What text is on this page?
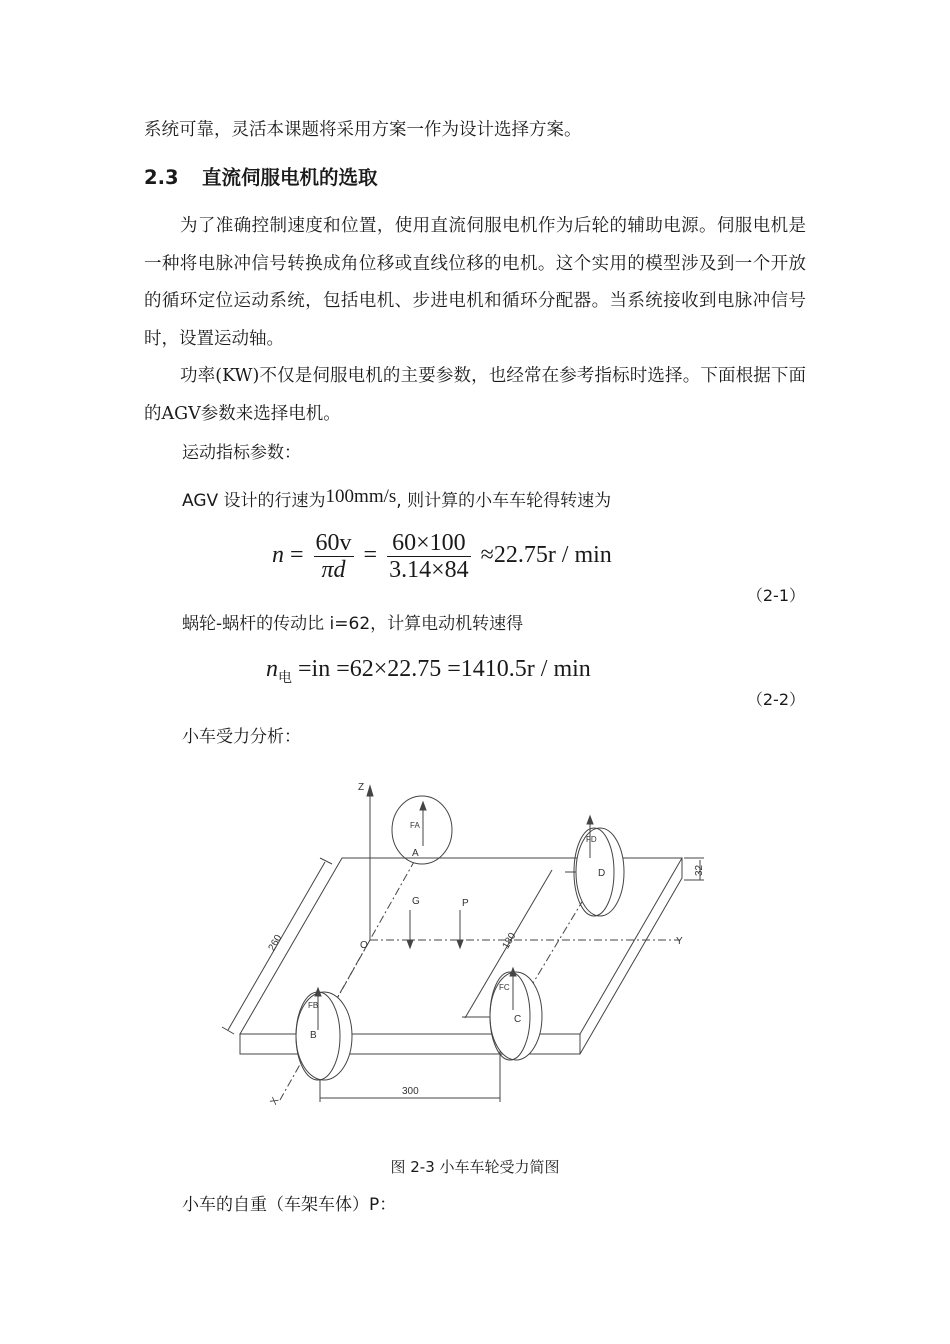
系统可靠，灵活本课题将采用方案一作为设计选择方案。
2.3 直流伺服电机的选取
为了准确控制速度和位置，使用直流伺服电机作为后轮的辅助电源。伺服电机是一种将电脉冲信号转换成角位移或直线位移的电机。这个实用的模型涉及到一个开放的循环定位运动系统，包括电机、步进电机和循环分配器。当系统接收到电脉冲信号时，设置运动轴。
功率(KW)不仅是伺服电机的主要参数，也经常在参考指标时选择。下面根据下面的AGV参数来选择电机。
运动指标参数：
AGV 设计的行速为100mm/s, 则计算的小车车轮得转速为
$n = \frac{60v}{\pi d} = \frac{60\times 100}{3.14\times 84} \approx 22.75r / \min$
（2-1）
蜗轮-蜗杆的传动比 i=62，计算电动机转速得
$n_电 =in =62\times 22.75 =1410.5r / \min$
（2-2）
小车受力分析：
Z
Y
X
O
A
B
C
D
G	P
FA
FD
FB
FC
260	180
300
32
图 2-3 小车车轮受力简图
小车的自重（车架车体）P：
